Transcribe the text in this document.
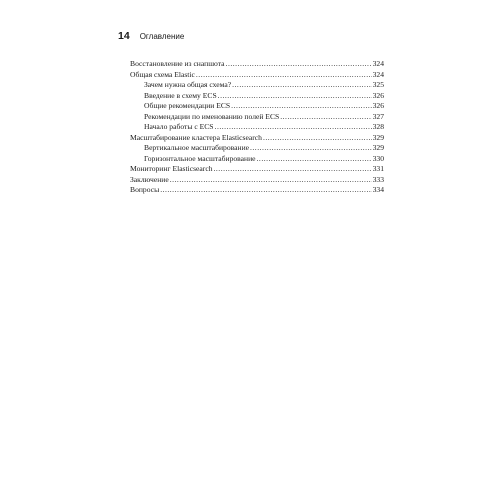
14 Оглавление
Восстановление из снапшота .....	324
Общая схема Elastic .....	324
Зачем нужна общая схема? .....	325
Введение в схему ECS .....	326
Общие рекомендации ECS .....	326
Рекомендации по именованию полей ECS .....	327
Начало работы с ECS .....	328
Масштабирование кластера Elasticsearch .....	329
Вертикальное масштабирование .....	329
Горизонтальное масштабирование .....	330
Мониторинг Elasticsearch .....	331
Заключение .....	333
Вопросы .....	334
